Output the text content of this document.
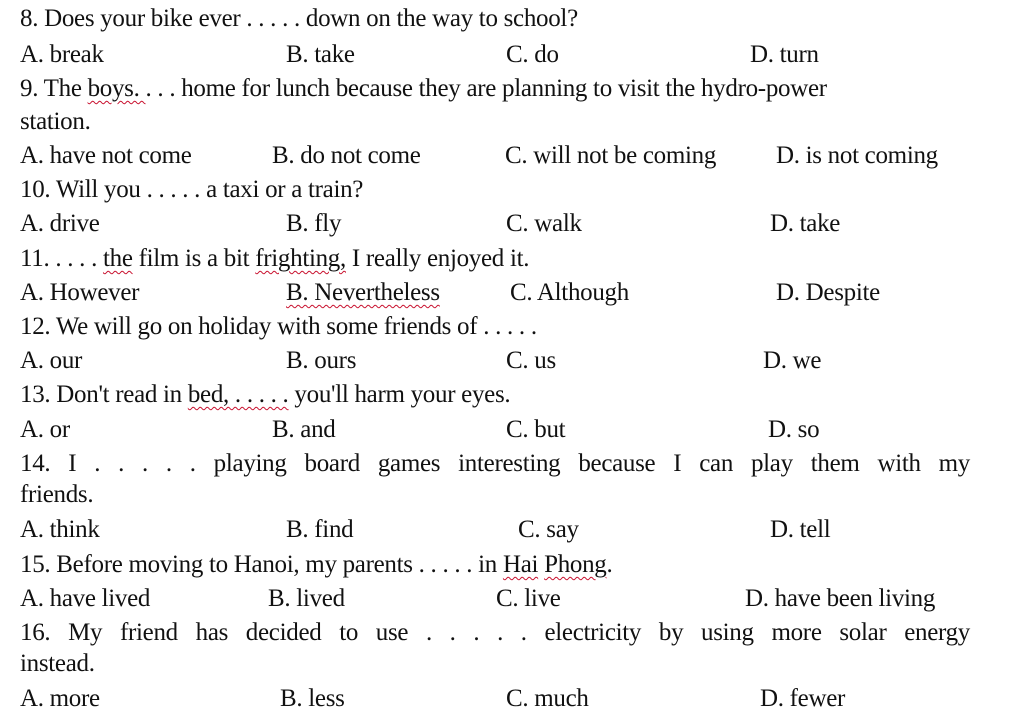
8. Does your bike ever . . . . . down on the way to school?
A. break	B. take	C. do	D. turn
9. The boys. . . . home for lunch because they are planning to visit the hydro-power
station.
A. have not come	B. do not come	C. will not be coming D. is not coming
10. Will you . . . . . a taxi or a train?
A. drive	B. fly	C. walk	D. take
11. . . . . the film is a bit frighting, I really enjoyed it.
A. However	B. Nevertheless	C. Although	D. Despite
12. We will go on holiday with some friends of . . . . .
A. our	B. ours	C. us	D. we
13. Don't read in bed, . . . . . you'll harm your eyes.
A. or	B. and	C. but	D. so
14. I . . . . . playing board games interesting because I can play them with my
friends.
A. think	B. find	C. say	D. tell
15. Before moving to Hanoi, my parents . . . . . in Hai Phong.
A. have lived	B. lived	C. live	D. have been living
16. My friend has decided to use . . . . . electricity by using more solar energy
instead.
A. more	B. less	C. much	D. fewer
